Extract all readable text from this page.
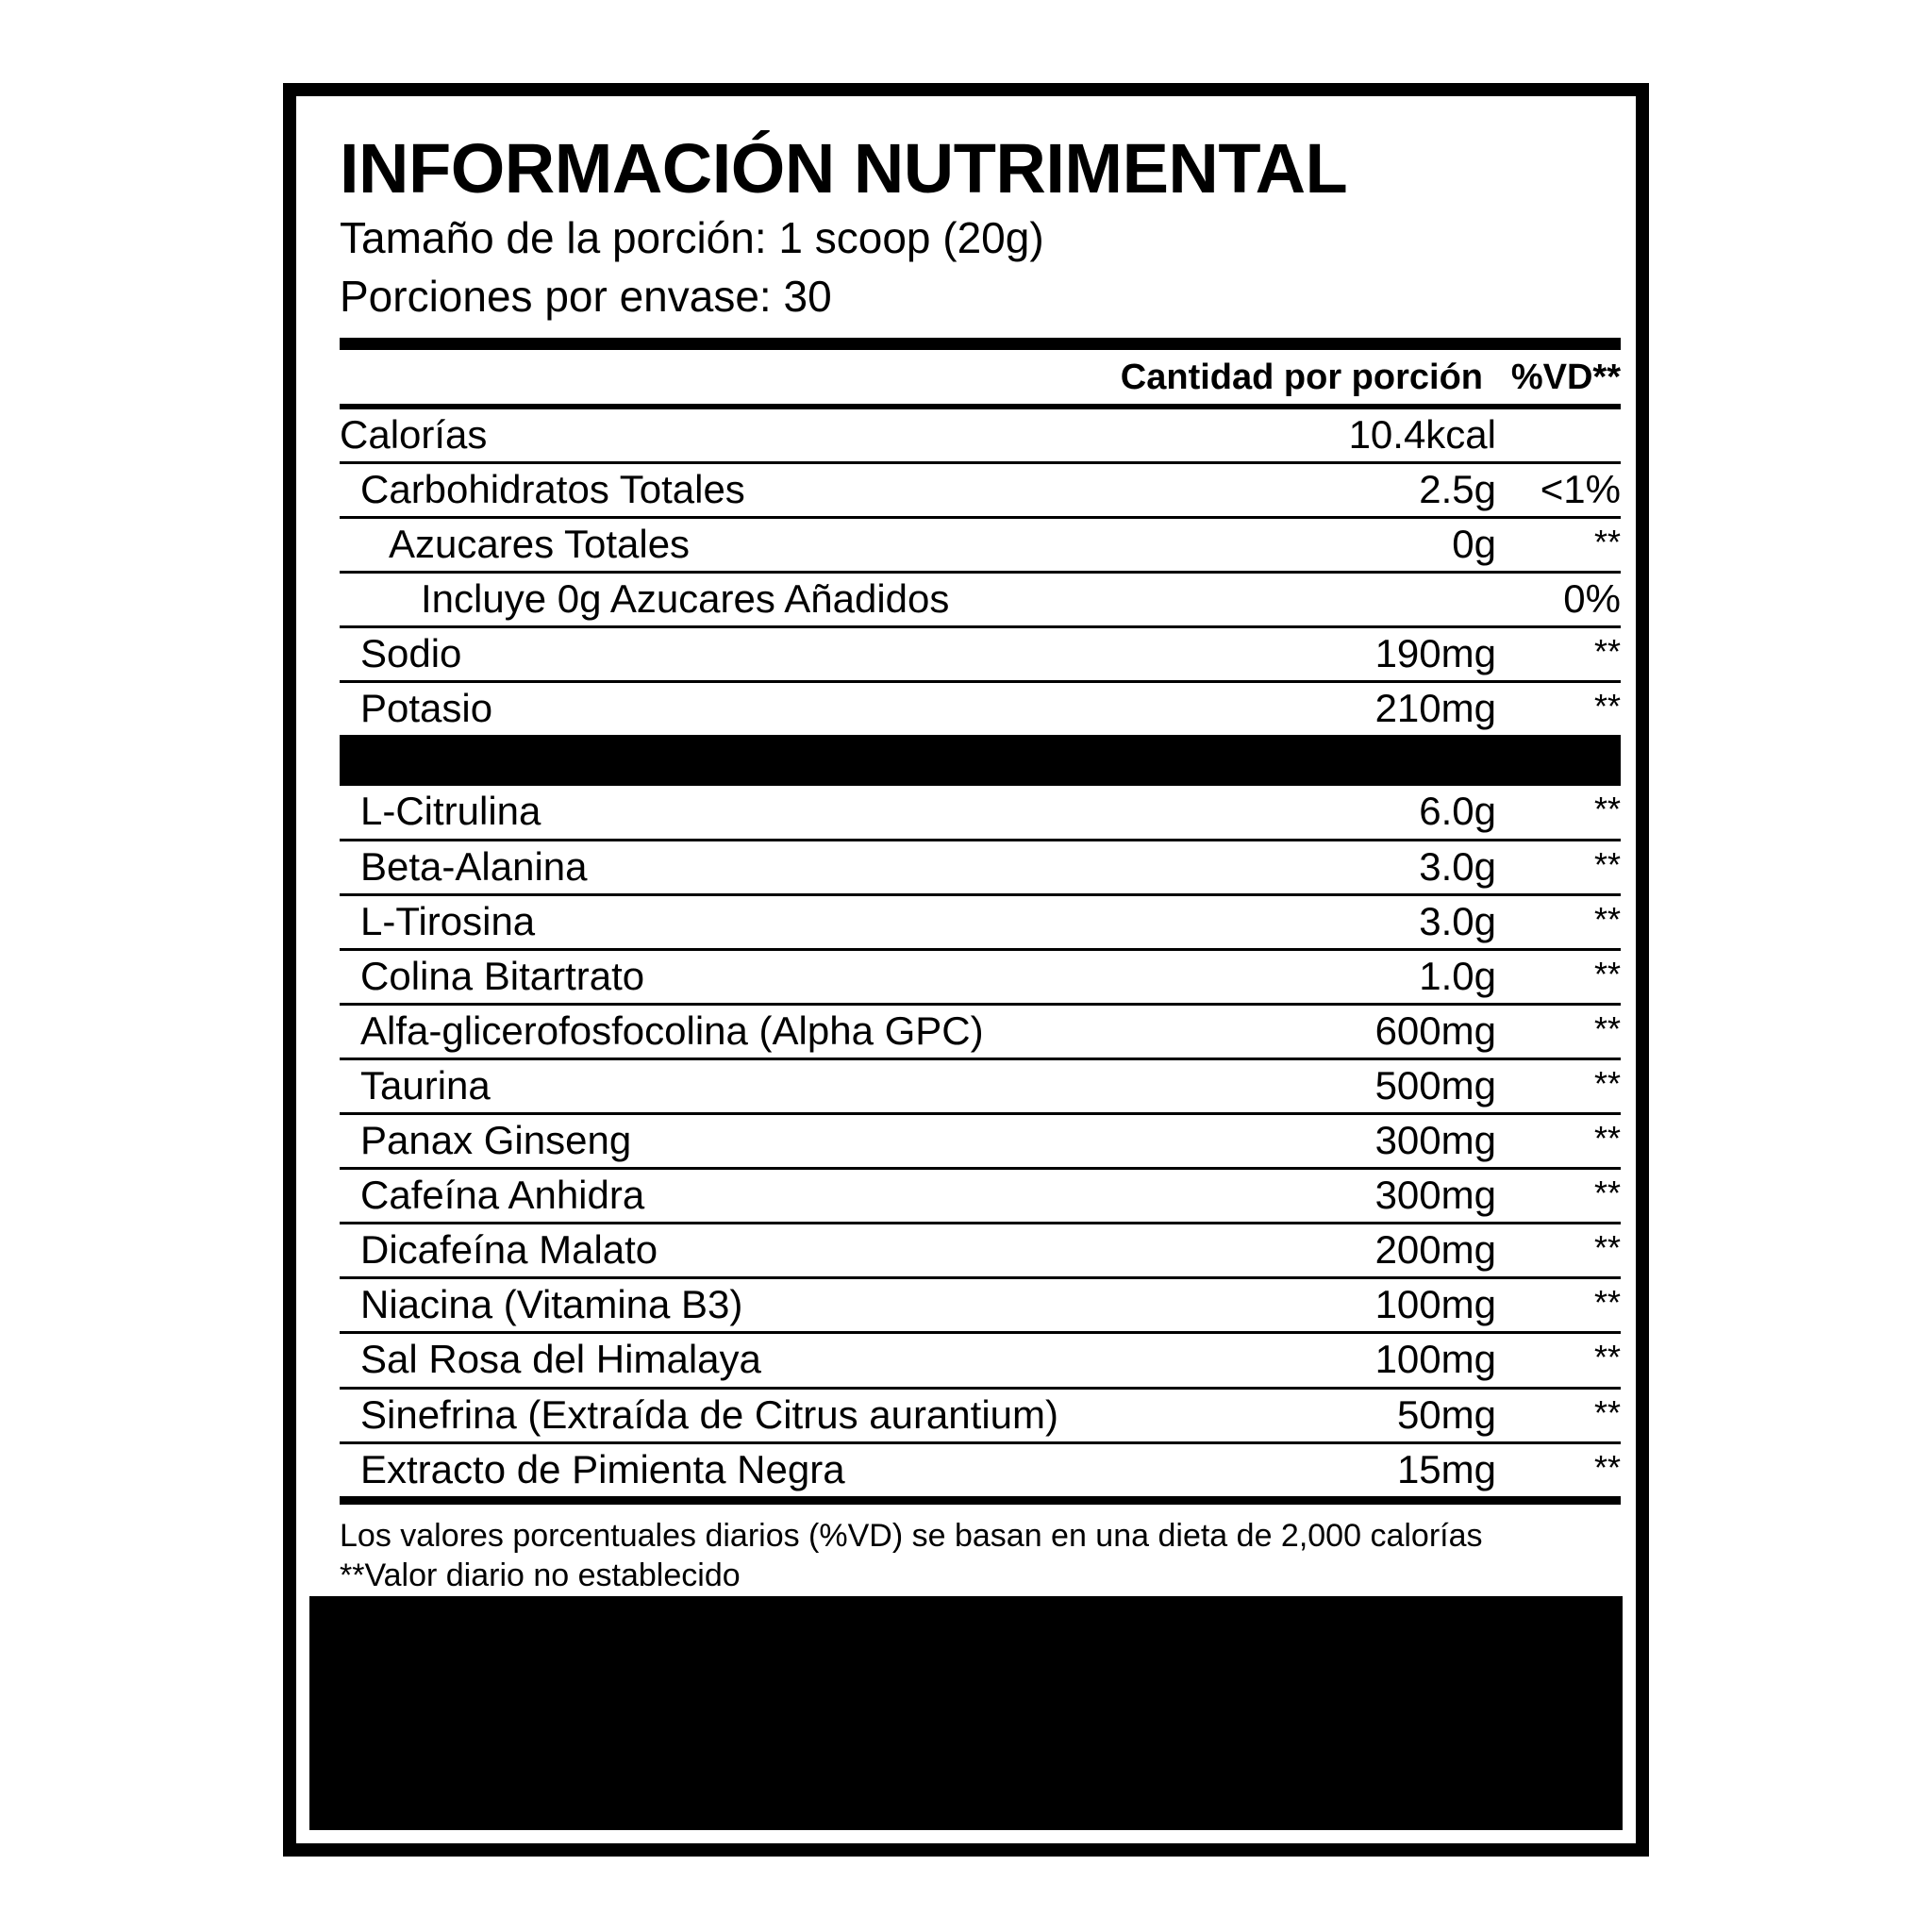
INFORMACIÓN NUTRIMENTAL
Tamaño de la porción: 1 scoop (20g)
Porciones por envase: 30
Cantidad por porción %VD**
Calorías	10.4kcal	
Carbohidratos Totales	2.5g	<1%
Azucares Totales	0g	**
Incluye 0g Azucares Añadidos		0%
Sodio	190mg	**
Potasio	210mg	**
L-Citrulina	6.0g	**
Beta-Alanina	3.0g	**
L-Tirosina	3.0g	**
Colina Bitartrato	1.0g	**
Alfa-glicerofosfocolina (Alpha GPC)	600mg	**
Taurina	500mg	**
Panax Ginseng	300mg	**
Cafeína Anhidra	300mg	**
Dicafeína Malato	200mg	**
Niacina (Vitamina B3)	100mg	**
Sal Rosa del Himalaya	100mg	**
Sinefrina (Extraída de Citrus aurantium)	50mg	**
Extracto de Pimienta Negra	15mg	**
Los valores porcentuales diarios (%VD) se basan en una dieta de 2,000 calorías
**Valor diario no establecido
